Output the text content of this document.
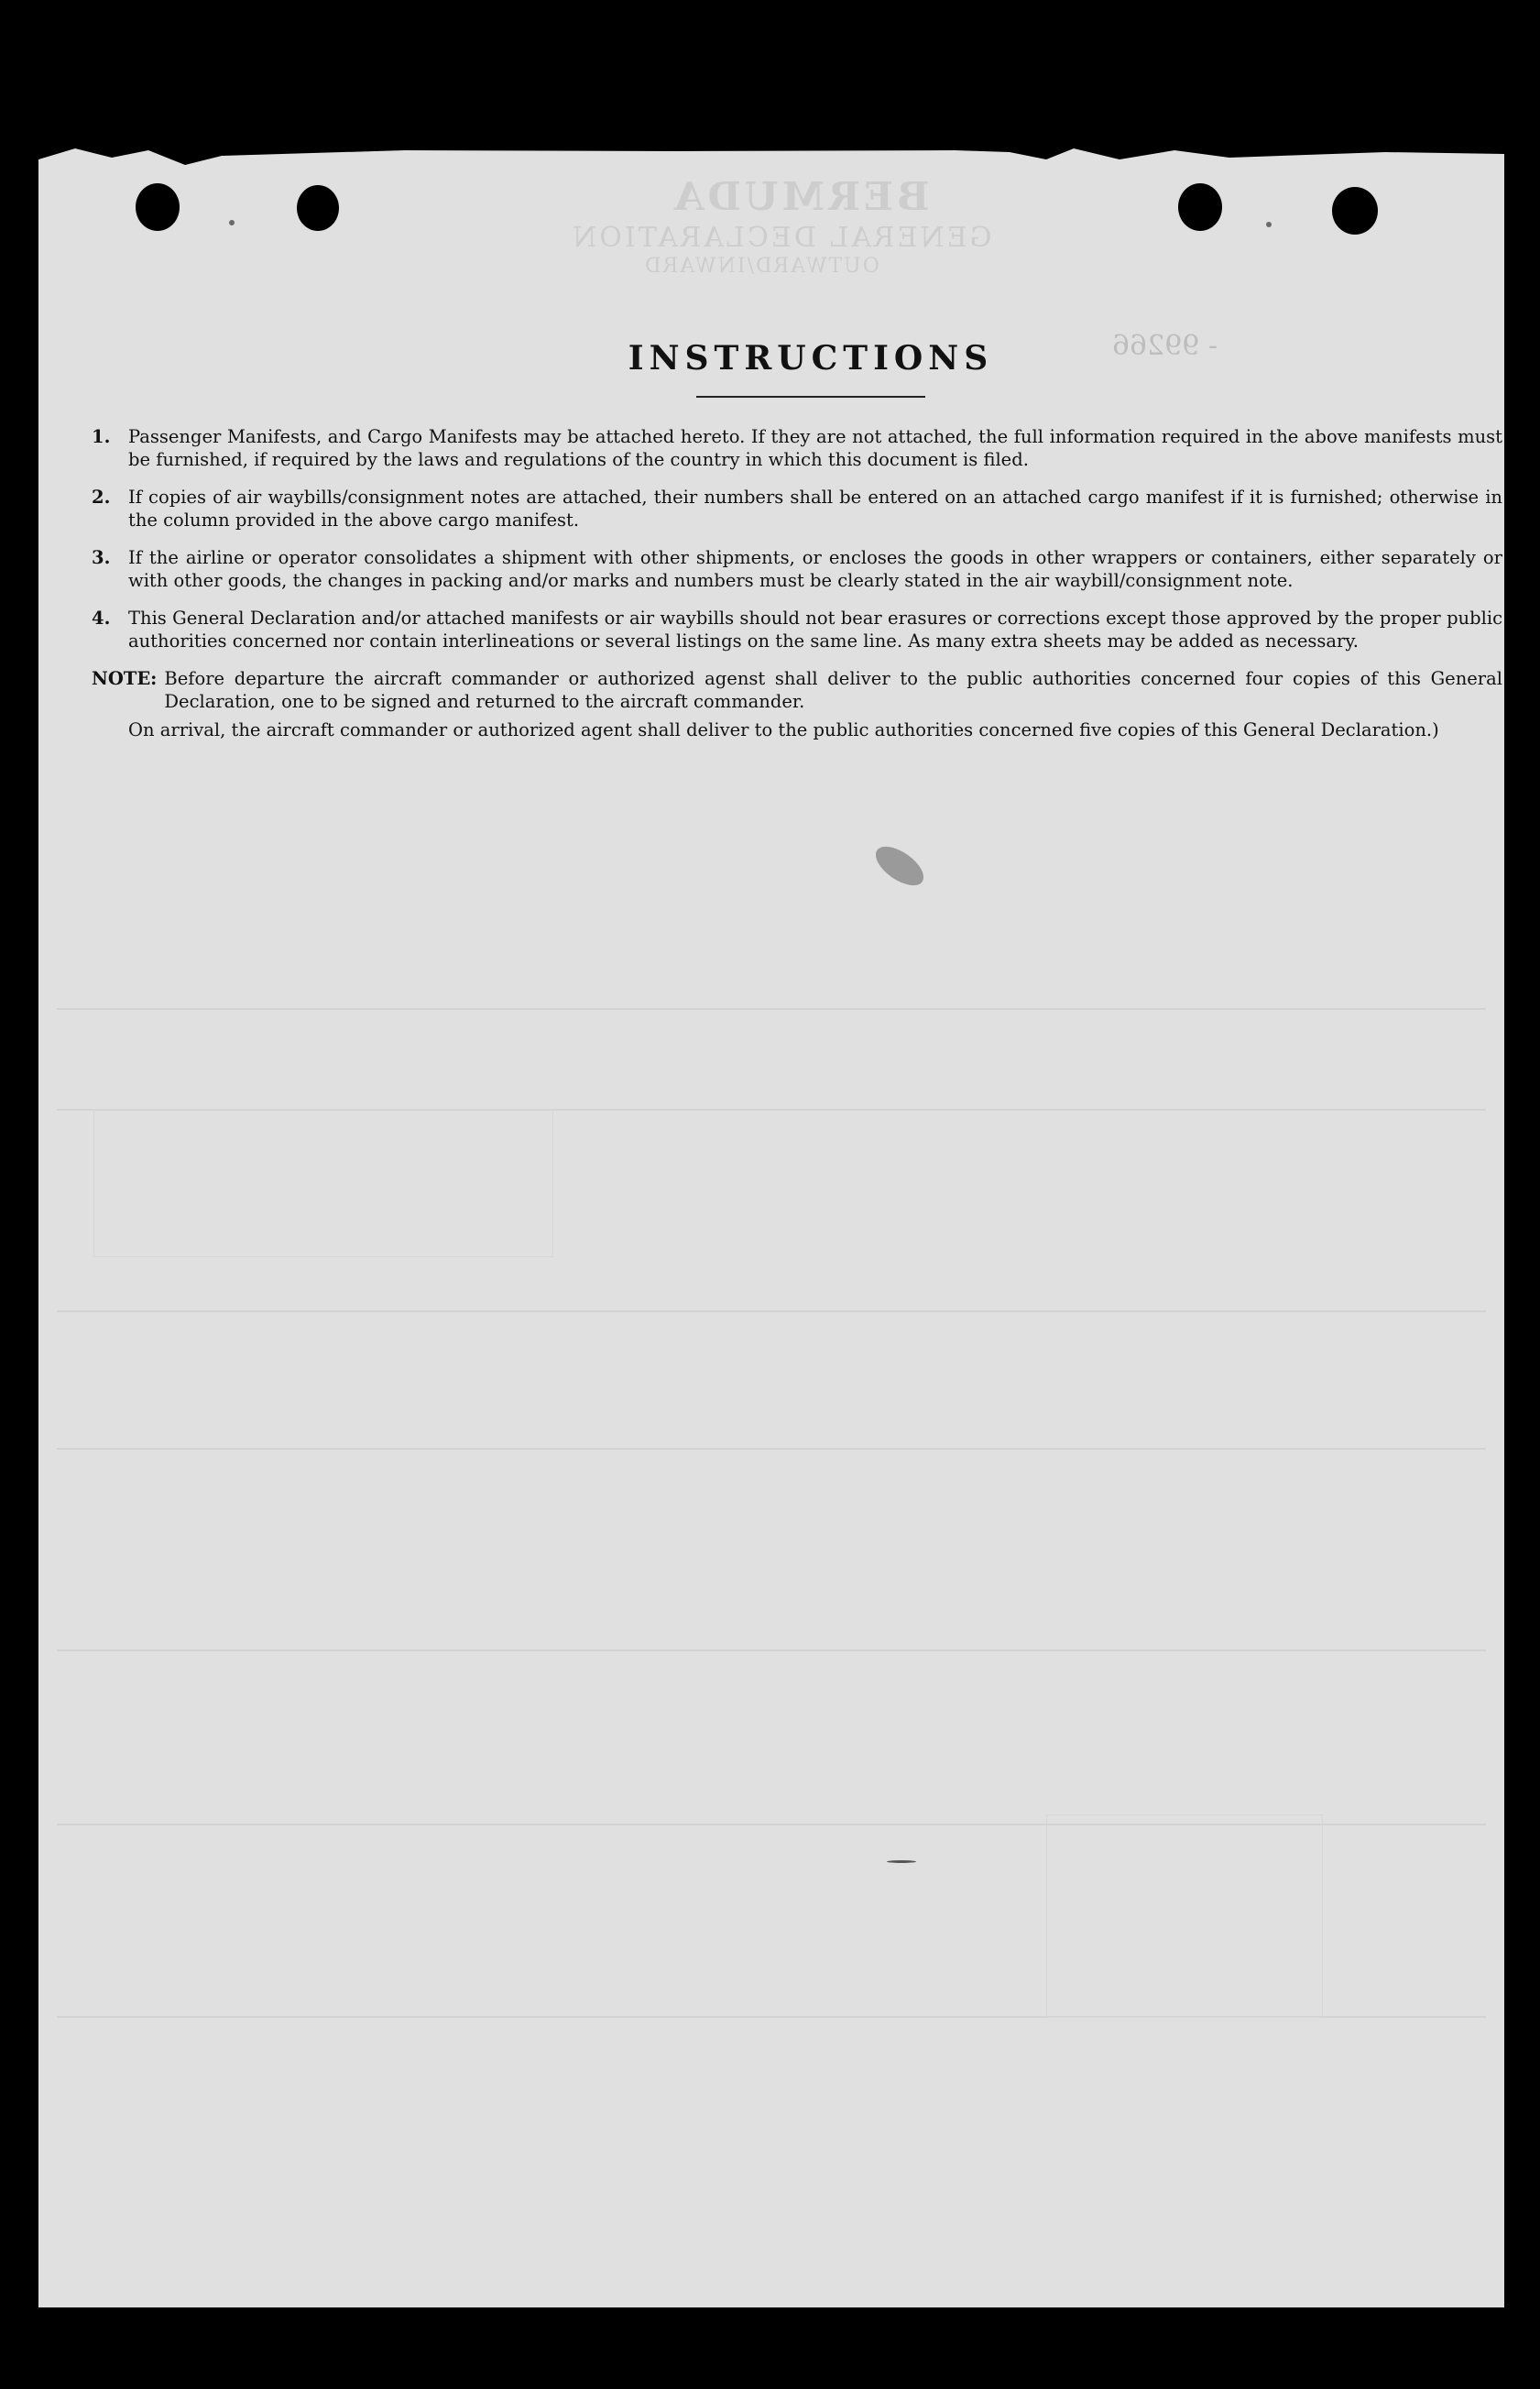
BERMUDA
GENERAL DECLARATION
OUTWARD/INWARD
- 99266
INSTRUCTIONS
1.	Passenger Manifests, and Cargo Manifests may be attached hereto. If they are not attached, the full information required in the above manifests must be furnished, if required by the laws and regulations of the country in which this document is filed.
2.	If copies of air waybills/consignment notes are attached, their numbers shall be entered on an attached cargo manifest if it is furnished; otherwise in the column provided in the above cargo manifest.
3.	If the airline or operator consolidates a shipment with other shipments, or encloses the goods in other wrappers or containers, either separately or with other goods, the changes in packing and/or marks and numbers must be clearly stated in the air waybill/consignment note.
4.	This General Declaration and/or attached manifests or air waybills should not bear erasures or corrections except those approved by the proper public authorities concerned nor contain interlineations or several listings on the same line. As many extra sheets may be added as necessary.
NOTE: Before departure the aircraft commander or authorized agenst shall deliver to the public authorities concerned four copies of this General Declaration, one to be signed and returned to the aircraft commander.

On arrival, the aircraft commander or authorized agent shall deliver to the public authorities concerned five copies of this General Declaration.)
